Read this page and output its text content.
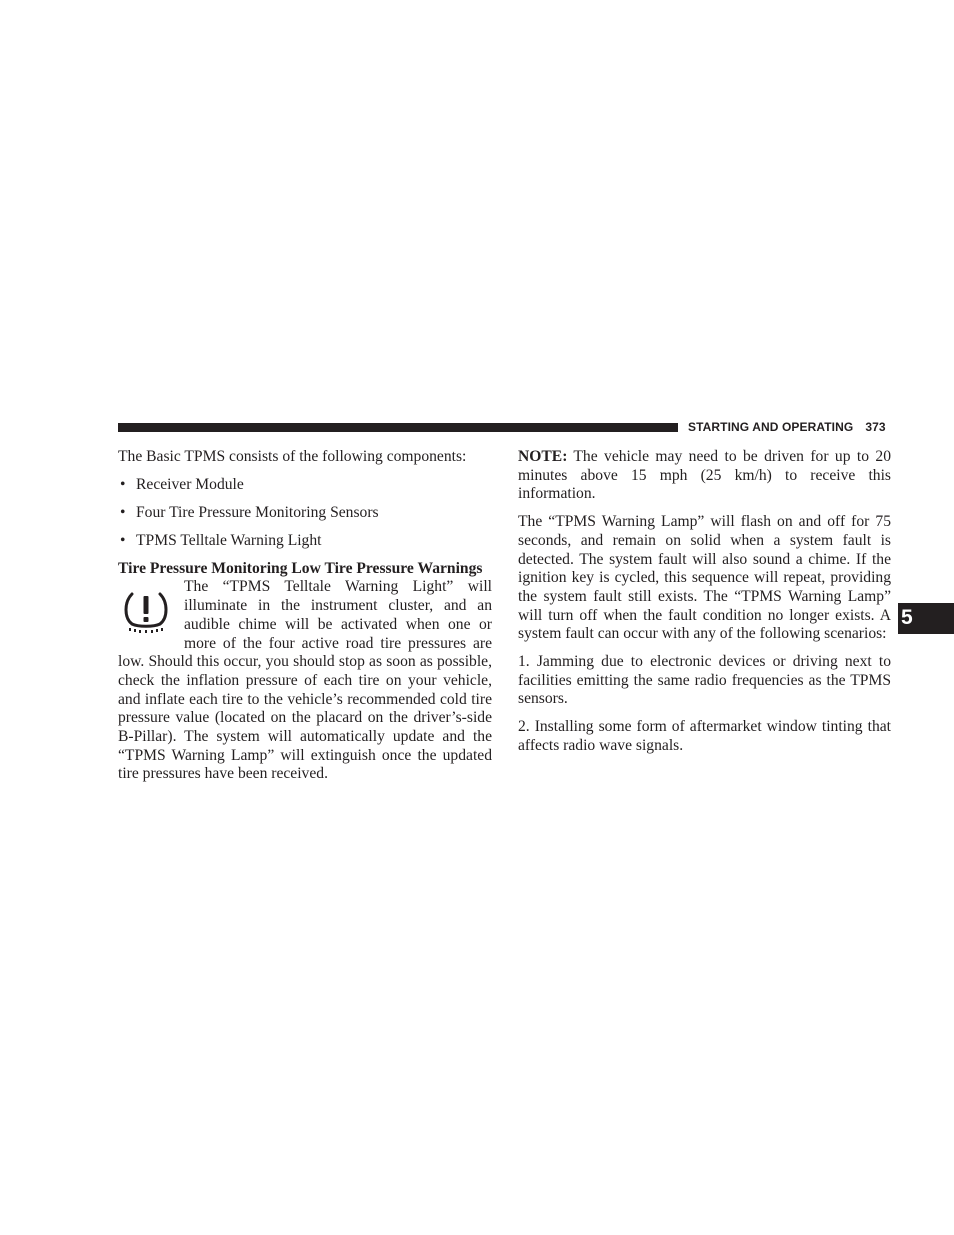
STARTING AND OPERATING 373

The Basic TPMS consists of the following components:

• Receiver Module
• Four Tire Pressure Monitoring Sensors
• TPMS Telltale Warning Light

Tire Pressure Monitoring Low Tire Pressure Warnings

The “TPMS Telltale Warning Light” will illuminate in the instrument cluster, and an audible chime will be activated when one or more of the four active road tire pressures are low. Should this occur, you should stop as soon as possible, check the inflation pressure of each tire on your vehicle, and inflate each tire to the vehicle’s recommended cold tire pressure value (located on the placard on the driver’s-side B-Pillar). The system will automatically update and the “TPMS Warning Lamp” will extinguish once the updated tire pressures have been received.

NOTE: The vehicle may need to be driven for up to 20 minutes above 15 mph (25 km/h) to receive this information.

The “TPMS Warning Lamp” will flash on and off for 75 seconds, and remain on solid when a system fault is detected. The system fault will also sound a chime. If the ignition key is cycled, this sequence will repeat, providing the system fault still exists. The “TPMS Warning Lamp” will turn off when the fault condition no longer exists. A system fault can occur with any of the following scenarios:

1. Jamming due to electronic devices or driving next to facilities emitting the same radio frequencies as the TPMS sensors.

2. Installing some form of aftermarket window tinting that affects radio wave signals.

5
